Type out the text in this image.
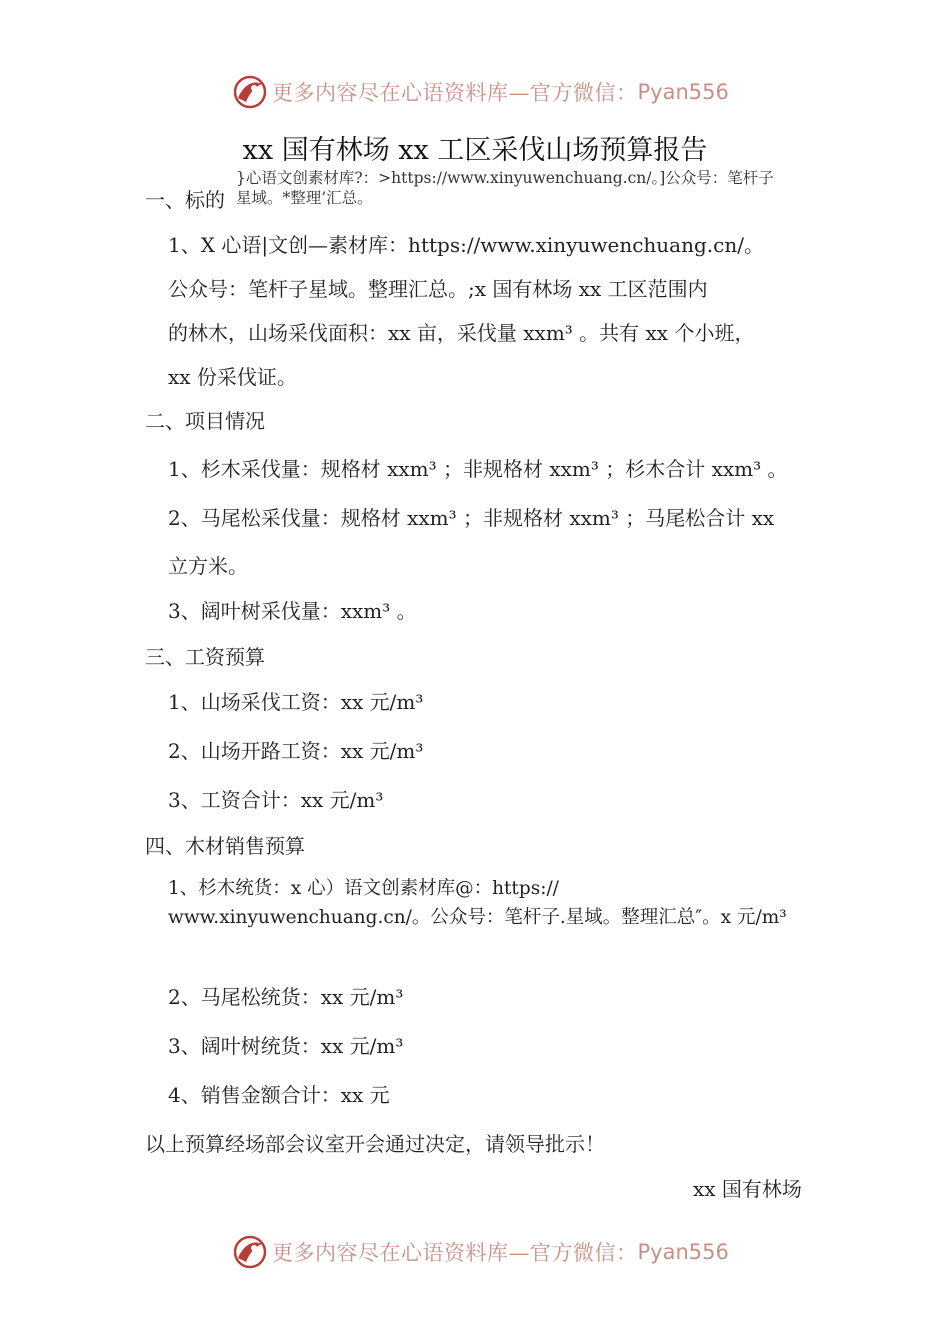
更多内容尽在心语资料库—官方微信： Pyan556
xx 国有林场 xx 工区采伐山场预算报告
}心语文创素材库?：>https://www.xinyuwenchuang.cn/。]公众号：笔杆子
星域。*整理’汇总。
一、标的
1、X 心语|文创—素材库：https://www.xinyuwenchuang.cn/。
公众号：笔杆子星域。整理汇总。;x 国有林场 xx 工区范围内
的林木，山场采伐面积：xx 亩，采伐量 xxm³ 。共有 xx 个小班，
xx 份采伐证。
二、项目情况
1、杉木采伐量：规格材 xxm³ ；非规格材 xxm³ ；杉木合计 xxm³ 。
2、马尾松采伐量：规格材 xxm³ ；非规格材 xxm³ ；马尾松合计 xx
立方米。
3、阔叶树采伐量：xxm³ 。
三、工资预算
1、山场采伐工资：xx 元/m³
2、山场开路工资：xx 元/m³
3、工资合计：xx 元/m³
四、木材销售预算
1、杉木统货：x 心）语文创素材库@：https:// www.xinyuwenchuang.cn/。公众号：笔杆子.星域。整理汇总″。x 元/m³
2、马尾松统货：xx 元/m³
3、阔叶树统货：xx 元/m³
4、销售金额合计：xx 元
以上预算经场部会议室开会通过决定，请领导批示！
xx 国有林场
更多内容尽在心语资料库—官方微信： Pyan556
